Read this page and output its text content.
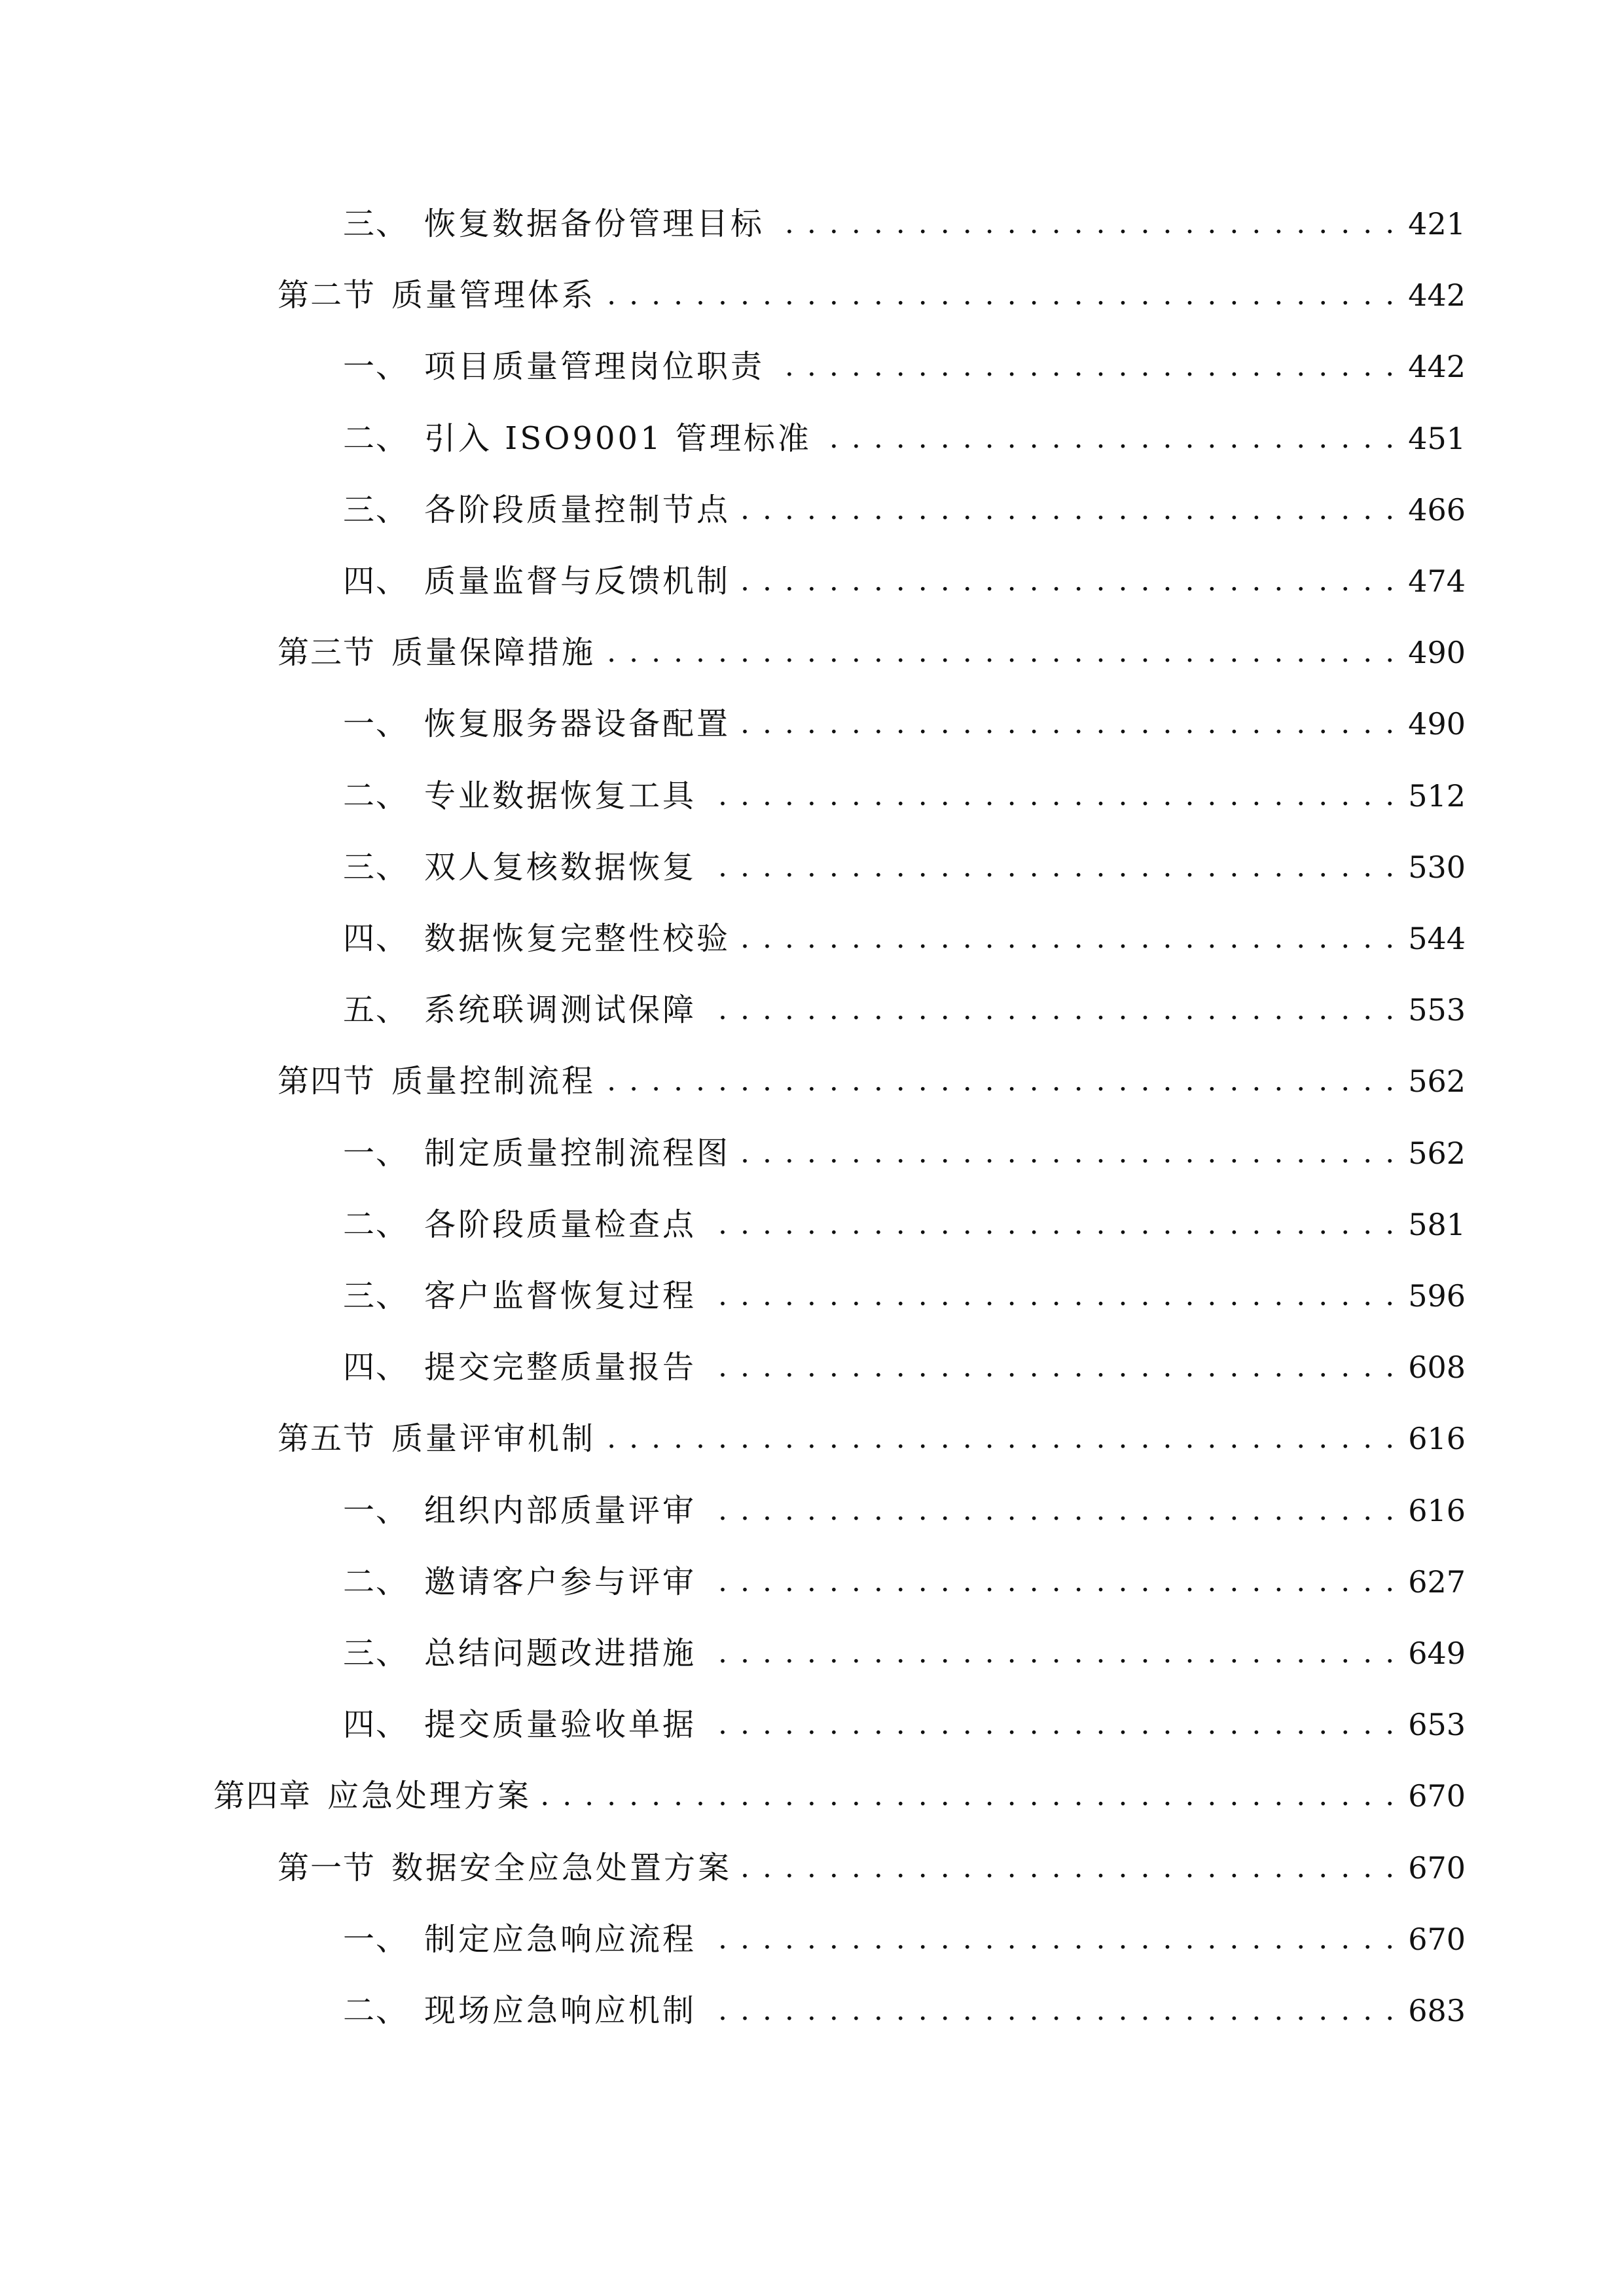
三、 恢复数据备份管理目标 . . .	421
第二节 质量管理体系 . . .	442
一、 项目质量管理岗位职责 . . .	442
二、 引入 ISO9001 管理标准 . . .	451
三、 各阶段质量控制节点 . . .	466
四、 质量监督与反馈机制 . . .	474
第三节 质量保障措施 . . .	490
一、 恢复服务器设备配置 . . .	490
二、 专业数据恢复工具 . . .	512
三、 双人复核数据恢复 . . .	530
四、 数据恢复完整性校验 . . .	544
五、 系统联调测试保障 . . .	553
第四节 质量控制流程 . . .	562
一、 制定质量控制流程图 . . .	562
二、 各阶段质量检查点 . . .	581
三、 客户监督恢复过程 . . .	596
四、 提交完整质量报告 . . .	608
第五节 质量评审机制 . . .	616
一、 组织内部质量评审 . . .	616
二、 邀请客户参与评审 . . .	627
三、 总结问题改进措施 . . .	649
四、 提交质量验收单据 . . .	653
第四章 应急处理方案 . . .	670
第一节 数据安全应急处置方案 . . .	670
一、 制定应急响应流程 . . .	670
二、 现场应急响应机制 . . .	683
